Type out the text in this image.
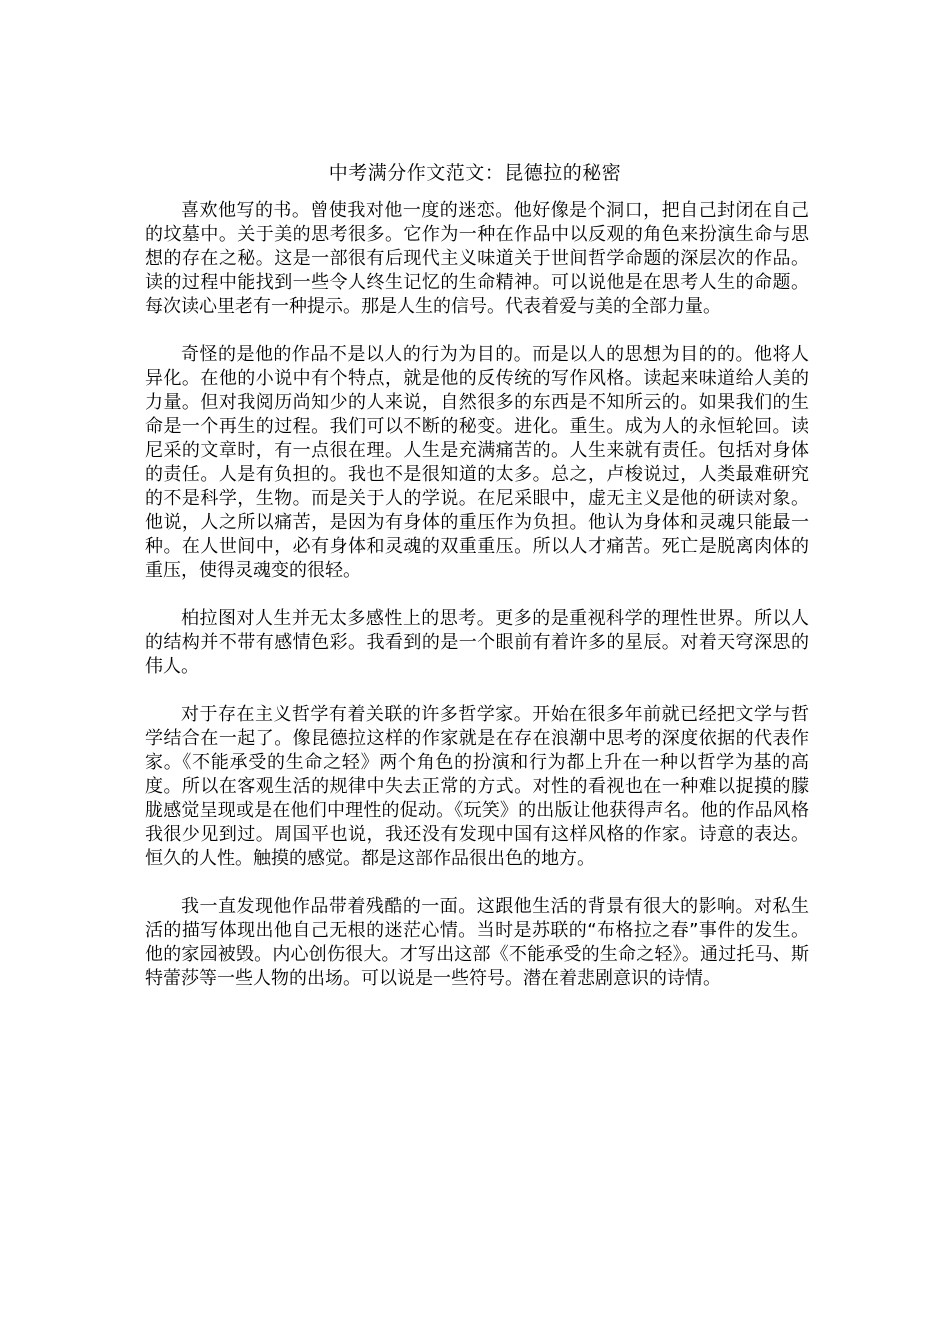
中考满分作文范文：昆德拉的秘密

喜欢他写的书。曾使我对他一度的迷恋。他好像是个洞口，把自己封闭在自己的坟墓中。关于美的思考很多。它作为一种在作品中以反观的角色来扮演生命与思想的存在之秘。这是一部很有后现代主义味道关于世间哲学命题的深层次的作品。读的过程中能找到一些令人终生记忆的生命精神。可以说他是在思考人生的命题。每次读心里老有一种提示。那是人生的信号。代表着爱与美的全部力量。

奇怪的是他的作品不是以人的行为为目的。而是以人的思想为目的的。他将人异化。在他的小说中有个特点，就是他的反传统的写作风格。读起来味道给人美的力量。但对我阅历尚知少的人来说，自然很多的东西是不知所云的。如果我们的生命是一个再生的过程。我们可以不断的秘变。进化。重生。成为人的永恒轮回。读尼采的文章时，有一点很在理。人生是充满痛苦的。人生来就有责任。包括对身体的责任。人是有负担的。我也不是很知道的太多。总之，卢梭说过，人类最难研究的不是科学，生物。而是关于人的学说。在尼采眼中，虚无主义是他的研读对象。他说，人之所以痛苦，是因为有身体的重压作为负担。他认为身体和灵魂只能最一种。在人世间中，必有身体和灵魂的双重重压。所以人才痛苦。死亡是脱离肉体的重压，使得灵魂变的很轻。

柏拉图对人生并无太多感性上的思考。更多的是重视科学的理性世界。所以人的结构并不带有感情色彩。我看到的是一个眼前有着许多的星辰。对着天穹深思的伟人。

对于存在主义哲学有着关联的许多哲学家。开始在很多年前就已经把文学与哲学结合在一起了。像昆德拉这样的作家就是在存在浪潮中思考的深度依据的代表作家。《不能承受的生命之轻》两个角色的扮演和行为都上升在一种以哲学为基的高度。所以在客观生活的规律中失去正常的方式。对性的看视也在一种难以捉摸的朦胧感觉呈现或是在他们中理性的促动。《玩笑》的出版让他获得声名。他的作品风格我很少见到过。周国平也说，我还没有发现中国有这样风格的作家。诗意的表达。恒久的人性。触摸的感觉。都是这部作品很出色的地方。

我一直发现他作品带着残酷的一面。这跟他生活的背景有很大的影响。对私生活的描写体现出他自己无根的迷茫心情。当时是苏联的“布格拉之春”事件的发生。他的家园被毁。内心创伤很大。才写出这部《不能承受的生命之轻》。通过托马、斯特蕾莎等一些人物的出场。可以说是一些符号。潜在着悲剧意识的诗情。
